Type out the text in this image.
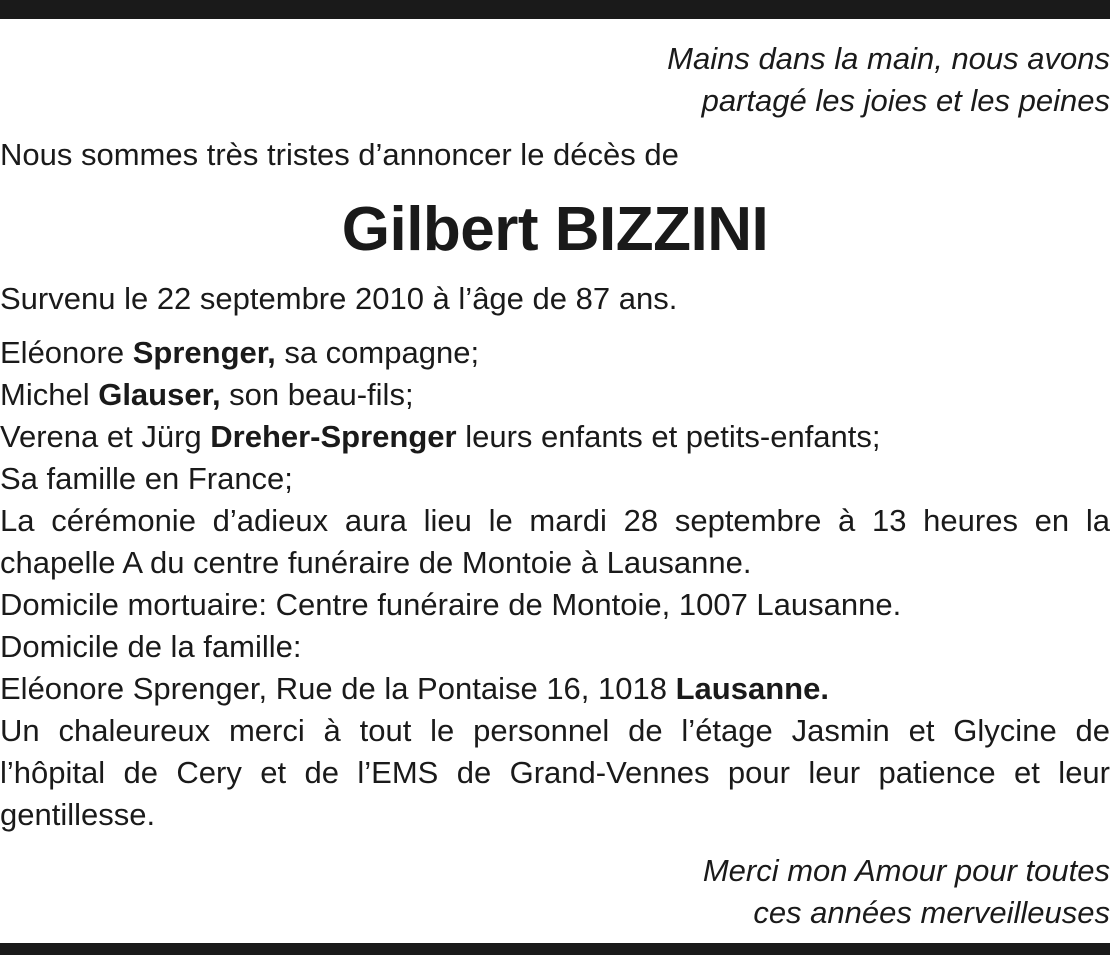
Mains dans la main, nous avons
partagé les joies et les peines
Nous sommes très tristes d’annoncer le décès de
Gilbert BIZZINI
Survenu le 22 septembre 2010 à l’âge de 87 ans.
Eléonore Sprenger, sa compagne;
Michel Glauser, son beau-fils;
Verena et Jürg Dreher-Sprenger leurs enfants et petits-enfants;
Sa famille en France;
La cérémonie d’adieux aura lieu le mardi 28 septembre à 13 heures en la
chapelle A du centre funéraire de Montoie à Lausanne.
Domicile mortuaire: Centre funéraire de Montoie, 1007 Lausanne.
Domicile de la famille:
Eléonore Sprenger, Rue de la Pontaise 16, 1018 Lausanne.
Un chaleureux merci à tout le personnel de l’étage Jasmin et Glycine de
l’hôpital de Cery et de l’EMS de Grand-Vennes pour leur patience et leur
gentillesse.
Merci mon Amour pour toutes
ces années merveilleuses
